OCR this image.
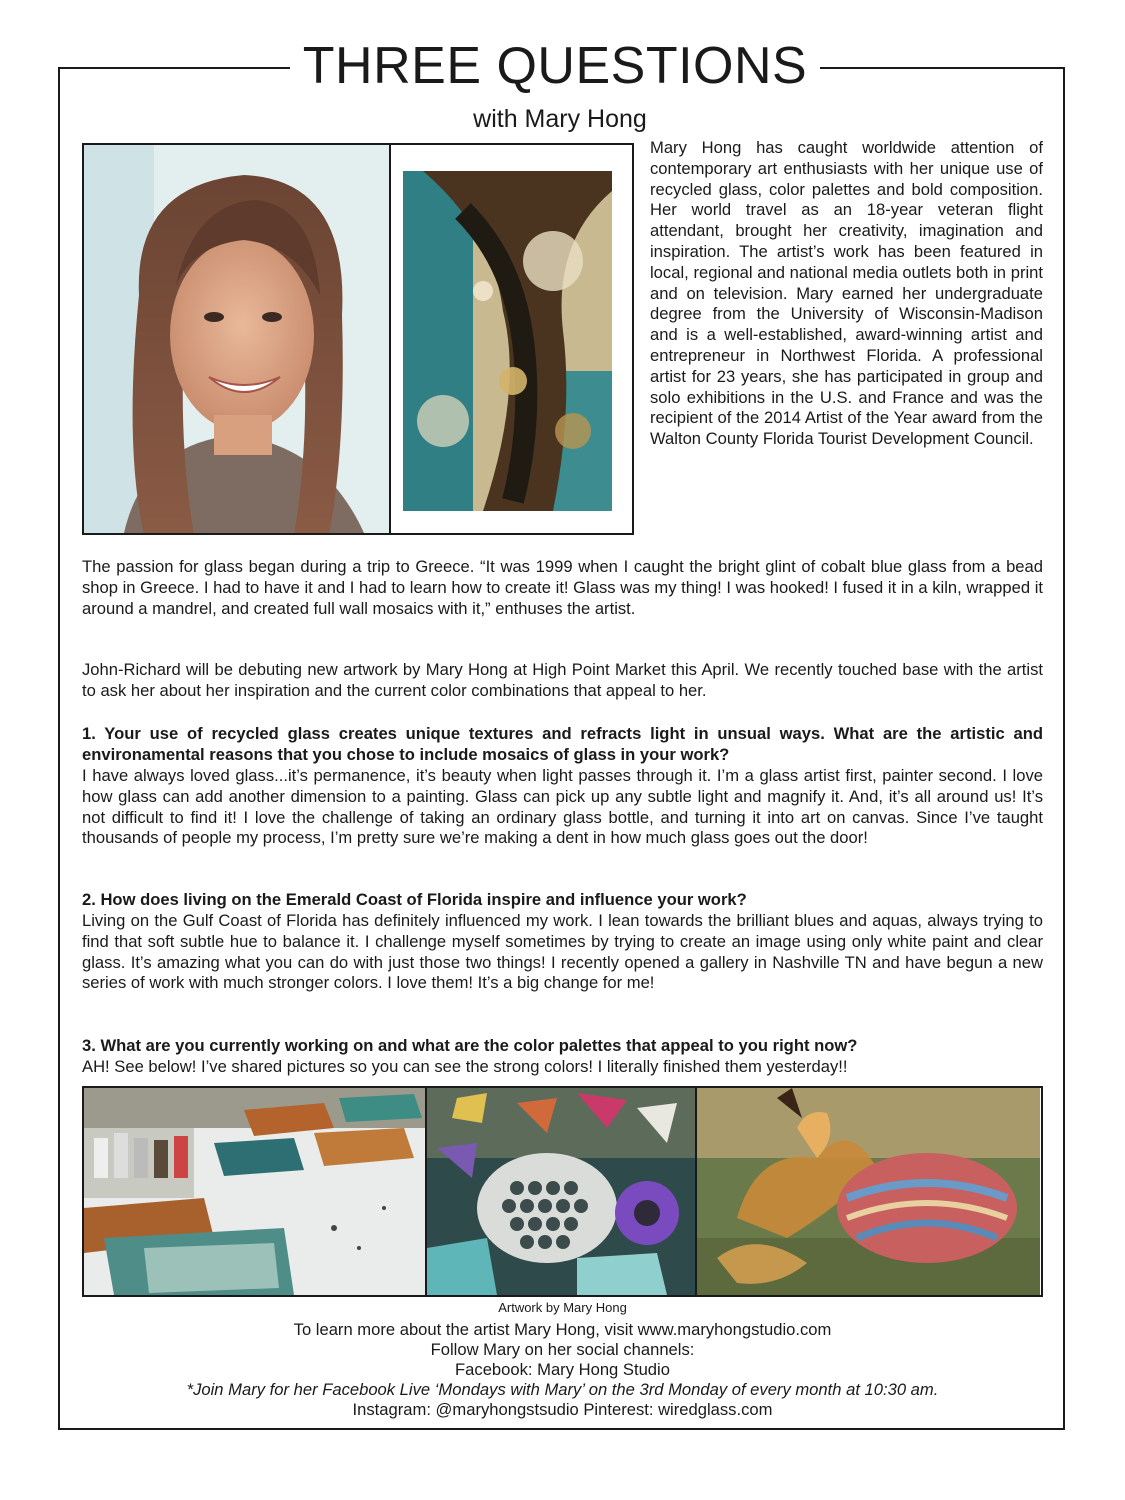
THREE QUESTIONS
with Mary Hong

Mary Hong has caught worldwide attention of contemporary art enthusiasts with her unique use of recycled glass, color palettes and bold composition. Her world travel as an 18-year veteran flight attendant, brought her creativity, imagination and inspiration. The artist’s work has been featured in local, regional and national media outlets both in print and on television. Mary earned her undergraduate degree from the University of Wisconsin-Madison and is a well-established, award-winning artist and entrepreneur in Northwest Florida. A professional artist for 23 years, she has participated in group and solo exhibitions in the U.S. and France and was the recipient of the 2014 Artist of the Year award from the Walton County Florida Tourist Development Council.

The passion for glass began during a trip to Greece. “It was 1999 when I caught the bright glint of cobalt blue glass from a bead shop in Greece. I had to have it and I had to learn how to create it! Glass was my thing! I was hooked! I fused it in a kiln, wrapped it around a mandrel, and created full wall mosaics with it,” enthuses the artist.

John-Richard will be debuting new artwork by Mary Hong at High Point Market this April. We recently touched base with the artist to ask her about her inspiration and the current color combinations that appeal to her.

1. Your use of recycled glass creates unique textures and refracts light in unsual ways. What are the artistic and environamental reasons that you chose to include mosaics of glass in your work?

I have always loved glass...it’s permanence, it’s beauty when light passes through it. I’m a glass artist first, painter second. I love how glass can add another dimension to a painting. Glass can pick up any subtle light and magnify it. And, it’s all around us! It’s not difficult to find it! I love the challenge of taking an ordinary glass bottle, and turning it into art on canvas. Since I’ve taught thousands of people my process, I’m pretty sure we’re making a dent in how much glass goes out the door!

2. How does living on the Emerald Coast of Florida inspire and influence your work?

Living on the Gulf Coast of Florida has definitely influenced my work. I lean towards the brilliant blues and aquas, always trying to find that soft subtle hue to balance it. I challenge myself sometimes by trying to create an image using only white paint and clear glass. It’s amazing what you can do with just those two things! I recently opened a gallery in Nashville TN and have begun a new series of work with much stronger colors. I love them! It’s a big change for me!

3. What are you currently working on and what are the color palettes that appeal to you right now?

AH! See below! I’ve shared pictures so you can see the strong colors! I literally finished them yesterday!!

Artwork by Mary Hong

To learn more about the artist Mary Hong, visit www.maryhongstudio.com

Follow Mary on her social channels:

Facebook: Mary Hong Studio

*Join Mary for her Facebook Live ‘Mondays with Mary’ on the 3rd Monday of every month at 10:30 am.

Instagram: @maryhongstsudio Pinterest: wiredglass.com
